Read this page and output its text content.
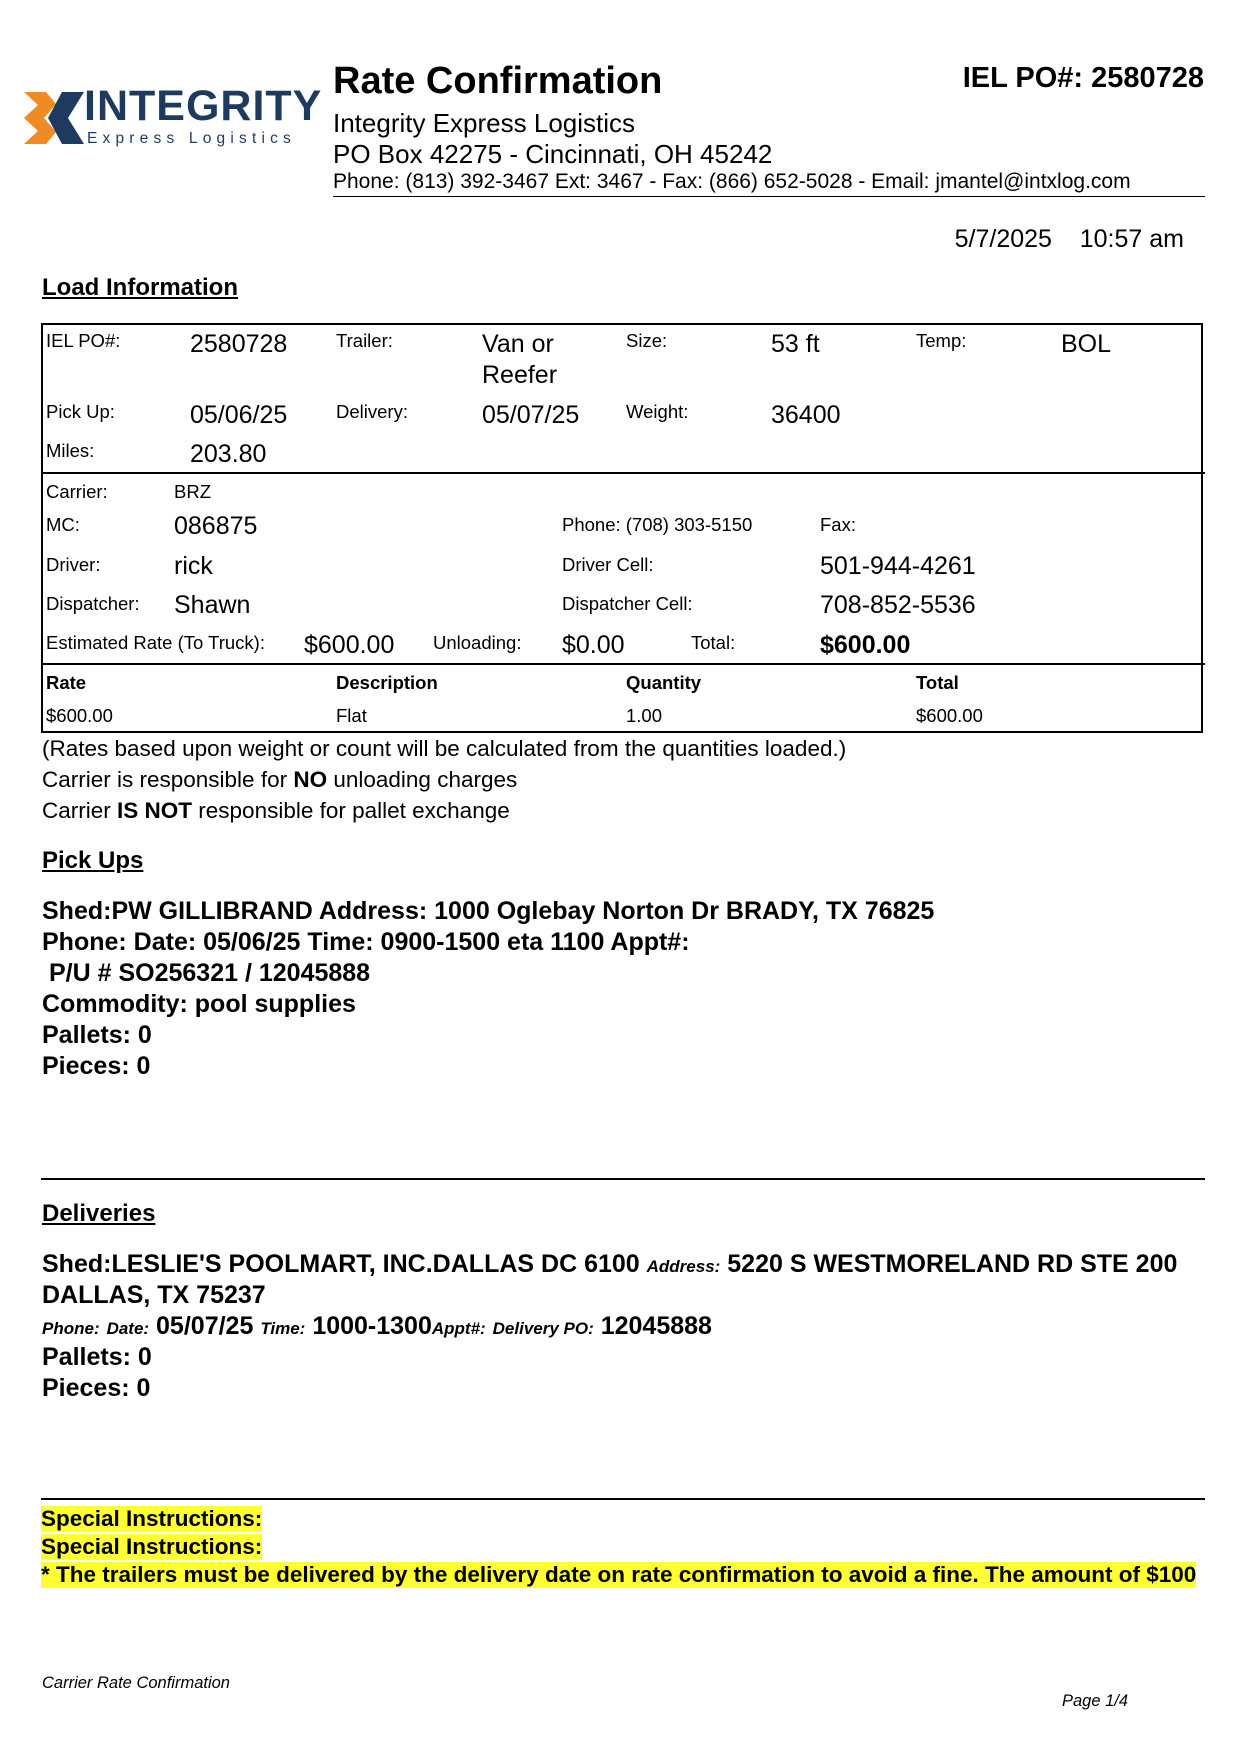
INTEGRITY
Express Logistics
Rate Confirmation	IEL PO#: 2580728
Integrity Express Logistics
PO Box 42275 - Cincinnati, OH 45242
Phone: (813) 392-3467 Ext: 3467 - Fax: (866) 652-5028 - Email: jmantel@intxlog.com
5/7/2025 10:57 am
Load Information
IEL PO#:	2580728	Trailer:	Van or
Reefer
Size:	53 ft	Temp:	BOL
Pick Up:	05/06/25	Delivery:	05/07/25	Weight:	36400
Miles:	203.80
Carrier:	BRZ
MC:	086875	Phone: (708) 303-5150	Fax:
Driver:	rick	Driver Cell:	501-944-4261
Dispatcher: Shawn	Dispatcher Cell:	708-852-5536
Estimated Rate (To Truck): $600.00 Unloading: $0.00	Total:	$600.00
Rate	Description	Quantity	Total
$600.00	Flat	1.00	$600.00
(Rates based upon weight or count will be calculated from the quantities loaded.)
Carrier is responsible for NO unloading charges
Carrier IS NOT responsible for pallet exchange
Pick Ups
Shed:PW GILLIBRAND Address: 1000 Oglebay Norton Dr BRADY, TX 76825
Phone: Date: 05/06/25 Time: 0900-1500 eta 1100 Appt#:
P/U # SO256321 / 12045888
Commodity: pool supplies
Pallets: 0
Pieces: 0
Deliveries
Shed:LESLIE'S POOLMART, INC.DALLAS DC 6100 Address: 5220 S WESTMORELAND RD STE 200
DALLAS, TX 75237
Phone: Date: 05/07/25 Time: 1000-1300Appt#: Delivery PO: 12045888
Pallets: 0
Pieces: 0
Special Instructions:
Special Instructions:
* The trailers must be delivered by the delivery date on rate confirmation to avoid a fine. The amount of $100
Carrier Rate Confirmation
Page 1/4
